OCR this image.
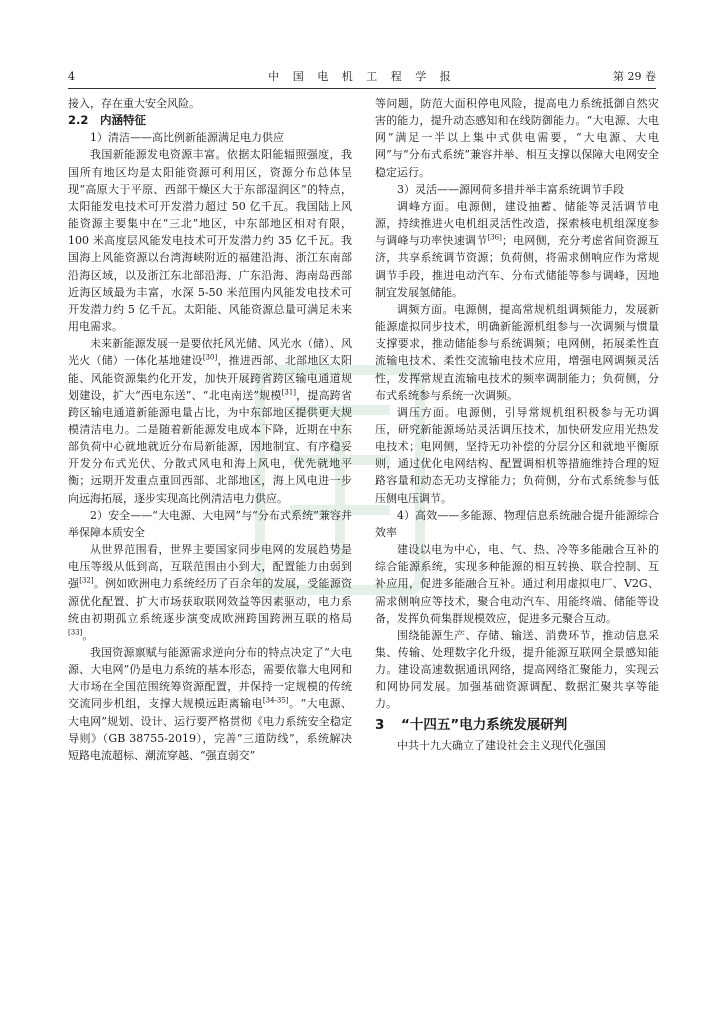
4	中 国 电 机 工 程 学 报	第 29 卷

接入，存在重大安全风险。

2.2 内涵特征

1）清洁——高比例新能源满足电力供应

我国新能源发电资源丰富。依据太阳能辐照强度，我国所有地区均是太阳能资源可利用区，资源分布总体呈现“高原大于平原、西部干燥区大于东部湿润区”的特点，太阳能发电技术可开发潜力超过 50 亿千瓦。我国陆上风能资源主要集中在“三北”地区，中东部地区相对有限，100 米高度层风能发电技术可开发潜力约 35 亿千瓦。我国海上风能资源以台湾海峡附近的福建沿海、浙江东南部沿海区域，以及浙江东北部沿海、广东沿海、海南岛西部近海区域最为丰富，水深 5-50 米范围内风能发电技术可开发潜力约 5 亿千瓦。太阳能、风能资源总量可满足未来用电需求。

未来新能源发展一是要依托风光储、风光水（储）、风光火（储）一体化基地建设[30]，推进西部、北部地区太阳能、风能资源集约化开发，加快开展跨省跨区输电通道规划建设，扩大“西电东送”、“北电南送”规模[31]，提高跨省跨区输电通道新能源电量占比，为中东部地区提供更大规模清洁电力。二是随着新能源发电成本下降，近期在中东部负荷中心就地就近分布局新能源，因地制宜、有序稳妥开发分布式光伏、分散式风电和海上风电，优先就地平衡；远期开发重点重回西部、北部地区，海上风电进一步向远海拓展，逐步实现高比例清洁电力供应。

2）安全——“大电源、大电网”与“分布式系统”兼容并举保障本质安全

从世界范围看，世界主要国家同步电网的发展趋势是电压等级从低到高，互联范围由小到大，配置能力由弱到强[32]。例如欧洲电力系统经历了百余年的发展，受能源资源优化配置、扩大市场获取联网效益等因素驱动，电力系统由初期孤立系统逐步演变成欧洲跨国跨洲互联的格局[33]。

我国资源禀赋与能源需求逆向分布的特点决定了“大电源、大电网”仍是电力系统的基本形态，需要依靠大电网和大市场在全国范围统筹资源配置，并保持一定规模的传统交流同步机组，支撑大规模远距离输电[34-35]。“大电源、大电网”规划、设计、运行要严格贯彻《电力系统安全稳定导则》（GB 38755-2019），完善“三道防线”，系统解决短路电流超标、潮流穿越、“强直弱交”

等问题，防范大面积停电风险，提高电力系统抵御自然灾害的能力，提升动态感知和在线防御能力。“大电源、大电网”满足一半以上集中式供电需要，“大电源、大电网”与“分布式系统”兼容并举、相互支撑以保障大电网安全稳定运行。

3）灵活——源网荷多措并举丰富系统调节手段

调峰方面。电源侧，建设抽蓄、储能等灵活调节电源，持续推进火电机组灵活性改造，探索核电机组深度参与调峰与功率快速调节[36]；电网侧，充分考虑省间资源互济，共享系统调节资源；负荷侧，将需求侧响应作为常规调节手段，推进电动汽车、分布式储能等参与调峰，因地制宜发展氢储能。

调频方面。电源侧，提高常规机组调频能力，发展新能源虚拟同步技术，明确新能源机组参与一次调频与惯量支撑要求，推动储能参与系统调频；电网侧，拓展柔性直流输电技术、柔性交流输电技术应用，增强电网调频灵活性，发挥常规直流输电技术的频率调制能力；负荷侧，分布式系统参与系统一次调频。

调压方面。电源侧，引导常规机组积极参与无功调压，研究新能源场站灵活调压技术，加快研发应用光热发电技术；电网侧，坚持无功补偿的分层分区和就地平衡原则，通过优化电网结构、配置调相机等措施维持合理的短路容量和动态无功支撑能力；负荷侧，分布式系统参与低压侧电压调节。

4）高效——多能源、物理信息系统融合提升能源综合效率

建设以电为中心，电、气、热、冷等多能融合互补的综合能源系统，实现多种能源的相互转换、联合控制、互补应用，促进多能融合互补。通过利用虚拟电厂、V2G、需求侧响应等技术，聚合电动汽车、用能终端、储能等设备，发挥负荷集群规模效应，促进多元聚合互动。

围绕能源生产、存储、输送、消费环节，推动信息采集、传输、处理数字化升级，提升能源互联网全景感知能力。建设高速数据通讯网络，提高网络汇聚能力，实现云和网协同发展。加强基础资源调配、数据汇聚共享等能力。

3 “十四五”电力系统发展研判

中共十九大确立了建设社会主义现代化强国
